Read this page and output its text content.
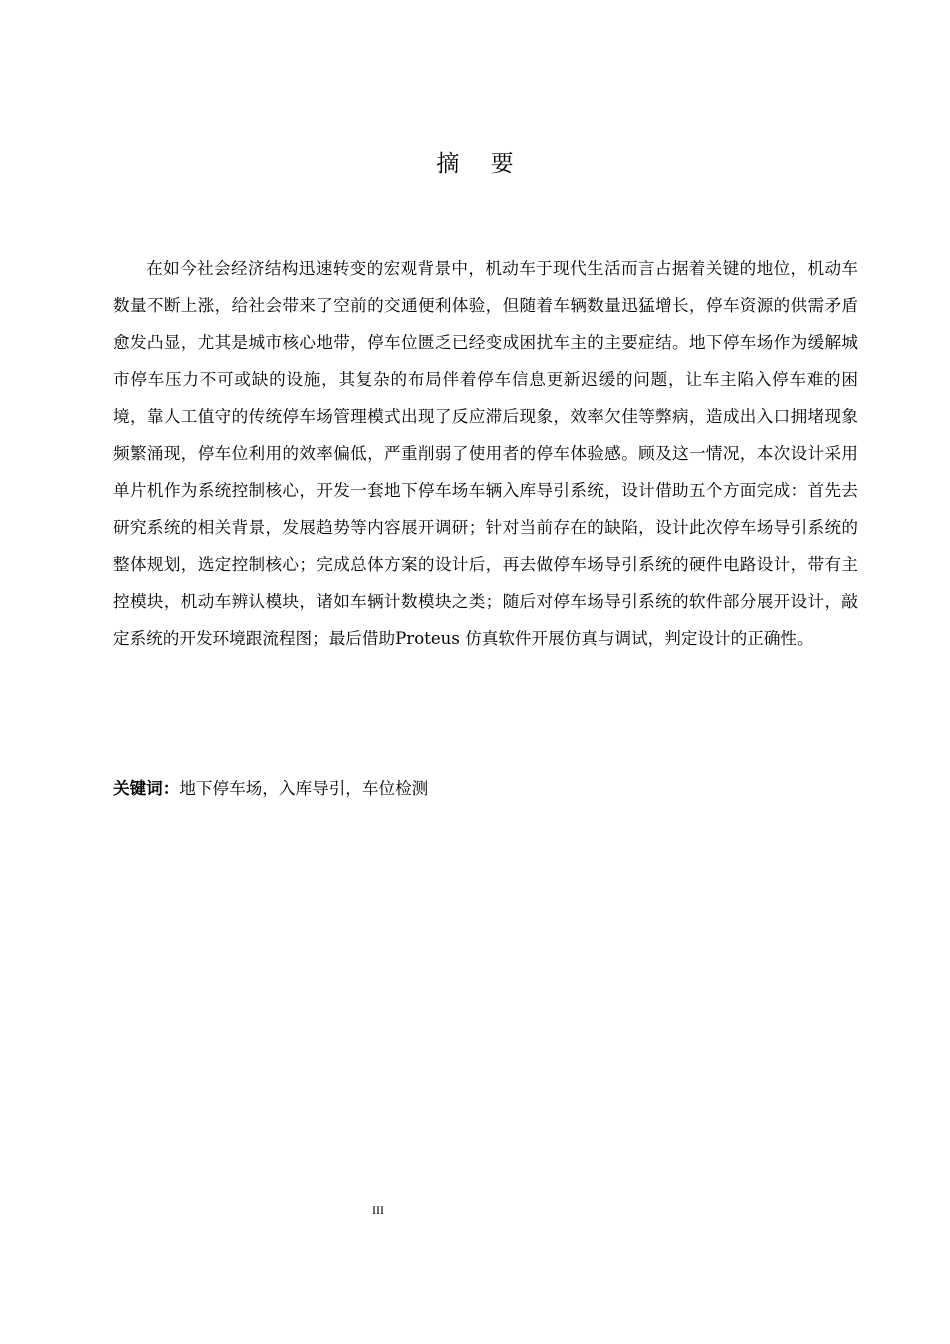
摘 要

在如今社会经济结构迅速转变的宏观背景中，机动车于现代生活而言占据着关键的地位，机动车数量不断上涨，给社会带来了空前的交通便利体验，但随着车辆数量迅猛增长，停车资源的供需矛盾愈发凸显，尤其是城市核心地带，停车位匮乏已经变成困扰车主的主要症结。地下停车场作为缓解城市停车压力不可或缺的设施，其复杂的布局伴着停车信息更新迟缓的问题，让车主陷入停车难的困境，靠人工值守的传统停车场管理模式出现了反应滞后现象，效率欠佳等弊病，造成出入口拥堵现象频繁涌现，停车位利用的效率偏低，严重削弱了使用者的停车体验感。顾及这一情况，本次设计采用单片机作为系统控制核心，开发一套地下停车场车辆入库导引系统，设计借助五个方面完成：首先去研究系统的相关背景，发展趋势等内容展开调研；针对当前存在的缺陷，设计此次停车场导引系统的整体规划，选定控制核心；完成总体方案的设计后，再去做停车场导引系统的硬件电路设计，带有主控模块，机动车辨认模块，诸如车辆计数模块之类；随后对停车场导引系统的软件部分展开设计，敲定系统的开发环境跟流程图；最后借助Proteus 仿真软件开展仿真与调试，判定设计的正确性。

关键词：地下停车场，入库导引，车位检测
III
